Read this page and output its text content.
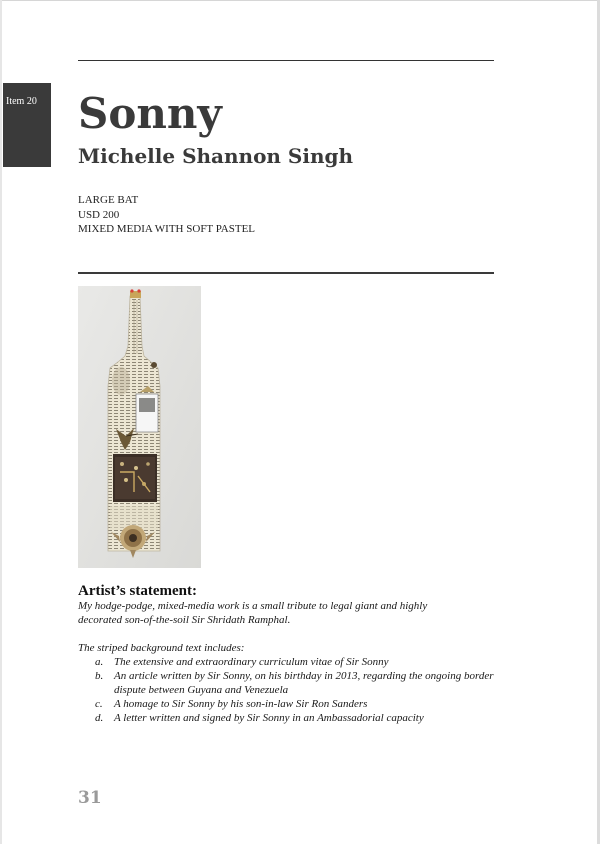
Item 20 Sonny
Michelle Shannon Singh
LARGE BAT
USD 200
MIXED MEDIA WITH SOFT PASTEL
Artist’s statement:

My hodge-podge, mixed-media work is a small tribute to legal giant and highly

decorated son-of-the-soil Sir Shridath Ramphal.

The striped background text includes:
a. The extensive and extraordinary curriculum vitae of Sir Sonny
b. An article written by Sir Sonny, on his birthday in 2013, regarding the ongoing border dispute between Guyana and Venezuela
c. A homage to Sir Sonny by his son-in-law Sir Ron Sanders
d. A letter written and signed by Sir Sonny in an Ambassadorial capacity
31
